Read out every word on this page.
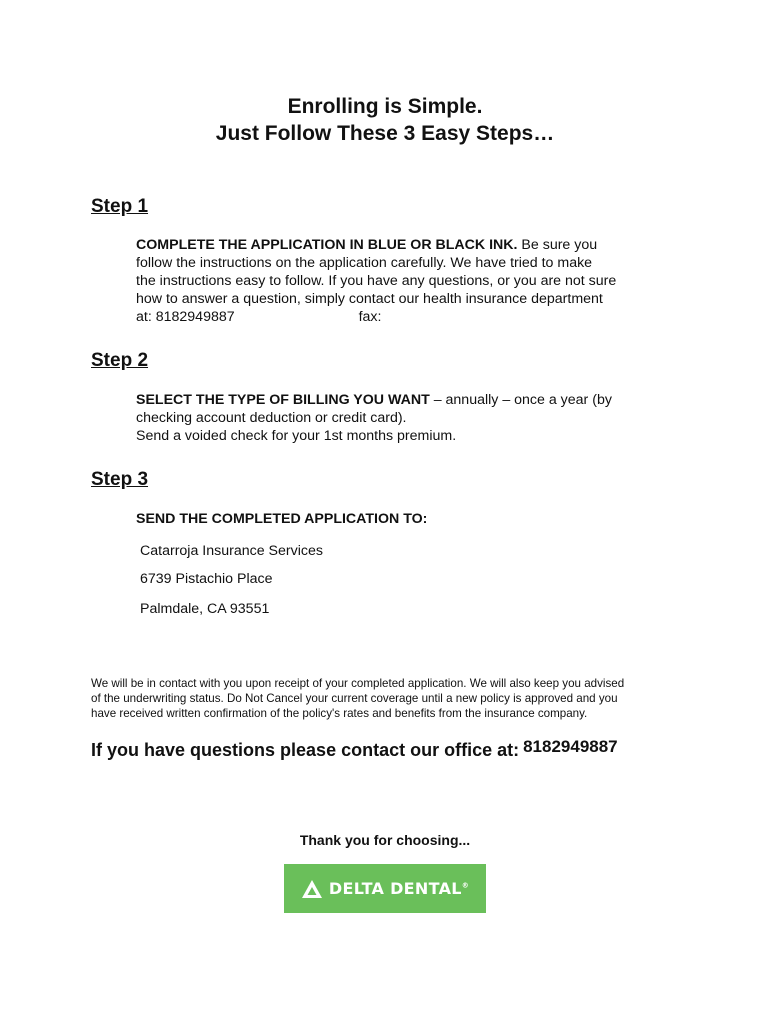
Enrolling is Simple.
Just Follow These 3 Easy Steps…
Step 1
COMPLETE THE APPLICATION IN BLUE OR BLACK INK. Be sure you
follow the instructions on the application carefully. We have tried to make
the instructions easy to follow. If you have any questions, or you are not sure
how to answer a question, simply contact our health insurance department
at: 8182949887	fax:
Step 2
SELECT THE TYPE OF BILLING YOU WANT – annually – once a year (by
checking account deduction or credit card).
Send a voided check for your 1st months premium.
Step 3
SEND THE COMPLETED APPLICATION TO:
Catarroja Insurance Services
6739 Pistachio Place
Palmdale, CA 93551
We will be in contact with you upon receipt of your completed application. We will also keep you advised
of the underwriting status. Do Not Cancel your current coverage until a new policy is approved and you
have received written confirmation of the policy's rates and benefits from the insurance company.
If you have questions please contact our office at: 8182949887
Thank you for choosing...
DELTA DENTAL®
